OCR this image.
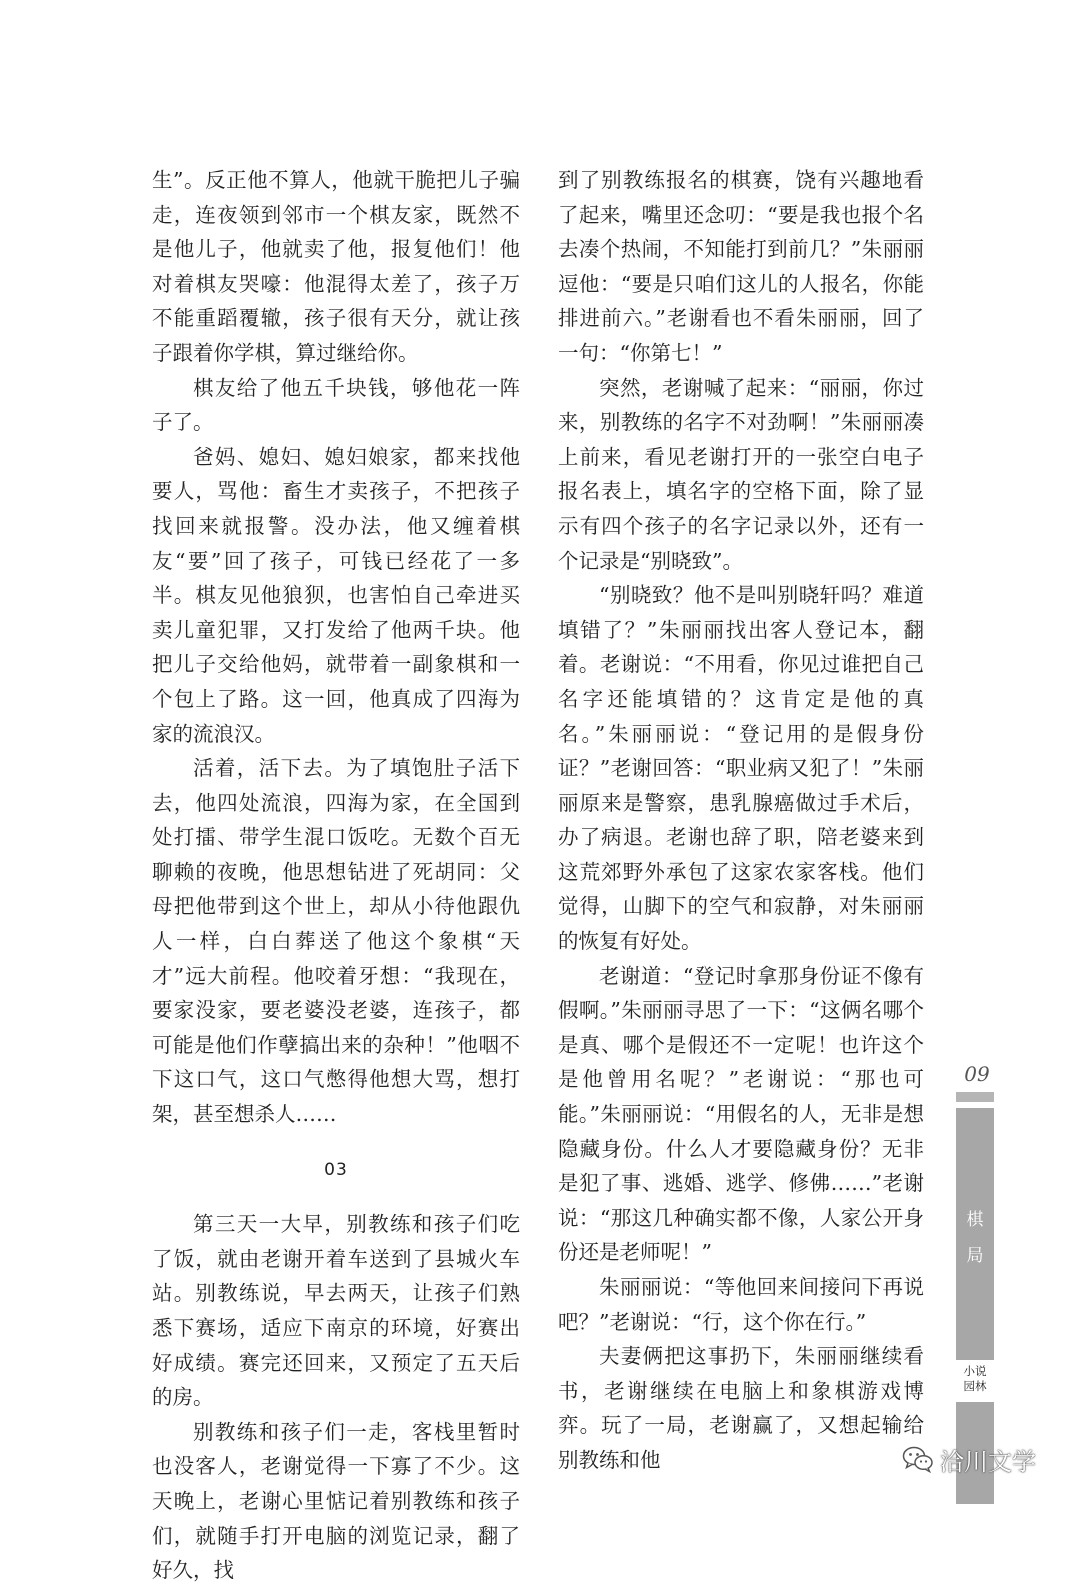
生”。反正他不算人，他就干脆把儿子骗走，连夜领到邻市一个棋友家，既然不是他儿子，他就卖了他，报复他们！他对着棋友哭嚎：他混得太差了，孩子万不能重蹈覆辙，孩子很有天分，就让孩子跟着你学棋，算过继给你。

棋友给了他五千块钱，够他花一阵子了。

爸妈、媳妇、媳妇娘家，都来找他要人，骂他：畜生才卖孩子，不把孩子找回来就报警。没办法，他又缠着棋友“要”回了孩子，可钱已经花了一多半。棋友见他狼狈，也害怕自己牵进买卖儿童犯罪，又打发给了他两千块。他把儿子交给他妈，就带着一副象棋和一个包上了路。这一回，他真成了四海为家的流浪汉。

活着，活下去。为了填饱肚子活下去，他四处流浪，四海为家，在全国到处打擂、带学生混口饭吃。无数个百无聊赖的夜晚，他思想钻进了死胡同：父母把他带到这个世上，却从小待他跟仇人一样，白白葬送了他这个象棋“天才”远大前程。他咬着牙想：“我现在，要家没家，要老婆没老婆，连孩子，都可能是他们作孽搞出来的杂种！”他咽不下这口气，这口气憋得他想大骂，想打架，甚至想杀人……

03

第三天一大早，别教练和孩子们吃了饭，就由老谢开着车送到了县城火车站。别教练说，早去两天，让孩子们熟悉下赛场，适应下南京的环境，好赛出好成绩。赛完还回来，又预定了五天后的房。

别教练和孩子们一走，客栈里暂时也没客人，老谢觉得一下寡了不少。这天晚上，老谢心里惦记着别教练和孩子们，就随手打开电脑的浏览记录，翻了好久，找

到了别教练报名的棋赛，饶有兴趣地看了起来，嘴里还念叨：“要是我也报个名去凑个热闹，不知能打到前几？”朱丽丽逗他：“要是只咱们这儿的人报名，你能排进前六。”老谢看也不看朱丽丽，回了一句：“你第七！”

突然，老谢喊了起来：“丽丽，你过来，别教练的名字不对劲啊！”朱丽丽凑上前来，看见老谢打开的一张空白电子报名表上，填名字的空格下面，除了显示有四个孩子的名字记录以外，还有一个记录是“别晓致”。

“别晓致？他不是叫别晓轩吗？难道填错了？”朱丽丽找出客人登记本，翻着。老谢说：“不用看，你见过谁把自己名字还能填错的？这肯定是他的真名。”朱丽丽说：“登记用的是假身份证？”老谢回答：“职业病又犯了！”朱丽丽原来是警察，患乳腺癌做过手术后，办了病退。老谢也辞了职，陪老婆来到这荒郊野外承包了这家农家客栈。他们觉得，山脚下的空气和寂静，对朱丽丽的恢复有好处。

老谢道：“登记时拿那身份证不像有假啊。”朱丽丽寻思了一下：“这俩名哪个是真、哪个是假还不一定呢！也许这个是他曾用名呢？”老谢说：“那也可能。”朱丽丽说：“用假名的人，无非是想隐藏身份。什么人才要隐藏身份？无非是犯了事、逃婚、逃学、修佛……”老谢说：“那这几种确实都不像，人家公开身份还是老师呢！”

朱丽丽说：“等他回来间接问下再说吧？”老谢说：“行，这个你在行。”

夫妻俩把这事扔下，朱丽丽继续看书，老谢继续在电脑上和象棋游戏博弈。玩了一局，老谢赢了，又想起输给别教练和他

09
棋
局
小说
园林
洽川文学
